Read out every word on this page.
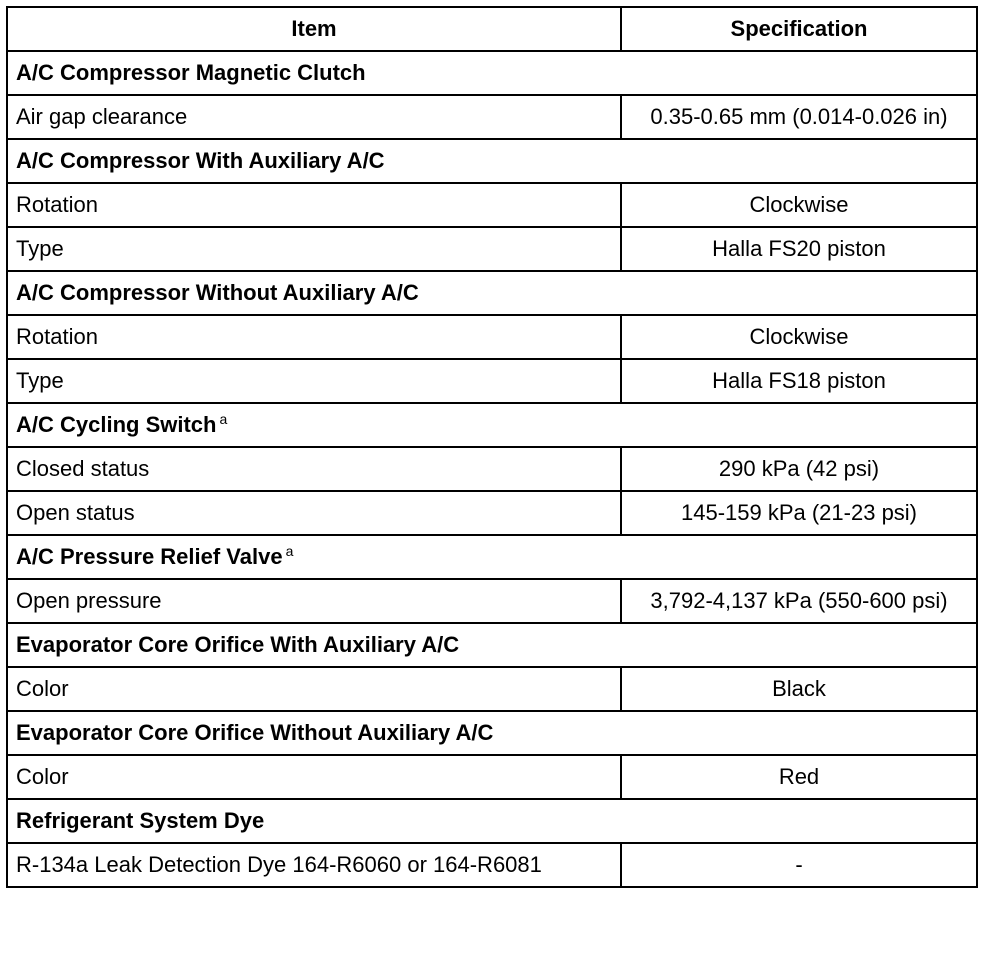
Item	Specification
A/C Compressor Magnetic Clutch	
Air gap clearance	0.35-0.65 mm (0.014-0.026 in)
A/C Compressor With Auxiliary A/C	
Rotation	Clockwise
Type	Halla FS20 piston
A/C Compressor Without Auxiliary A/C	
Rotation	Clockwise
Type	Halla FS18 piston
A/C Cycling Switch $^a$
Closed status	290 kPa (42 psi)
Open status	145-159 kPa (21-23 psi)
A/C Pressure Relief Valve $^a$
Open pressure	3,792-4,137 kPa (550-600 psi)
Evaporator Core Orifice With Auxiliary A/C	
Color	Black
Evaporator Core Orifice Without Auxiliary A/C	
Color	Red
Refrigerant System Dye	
R-134a Leak Detection Dye 164-R6060 or 164-R6081	-
